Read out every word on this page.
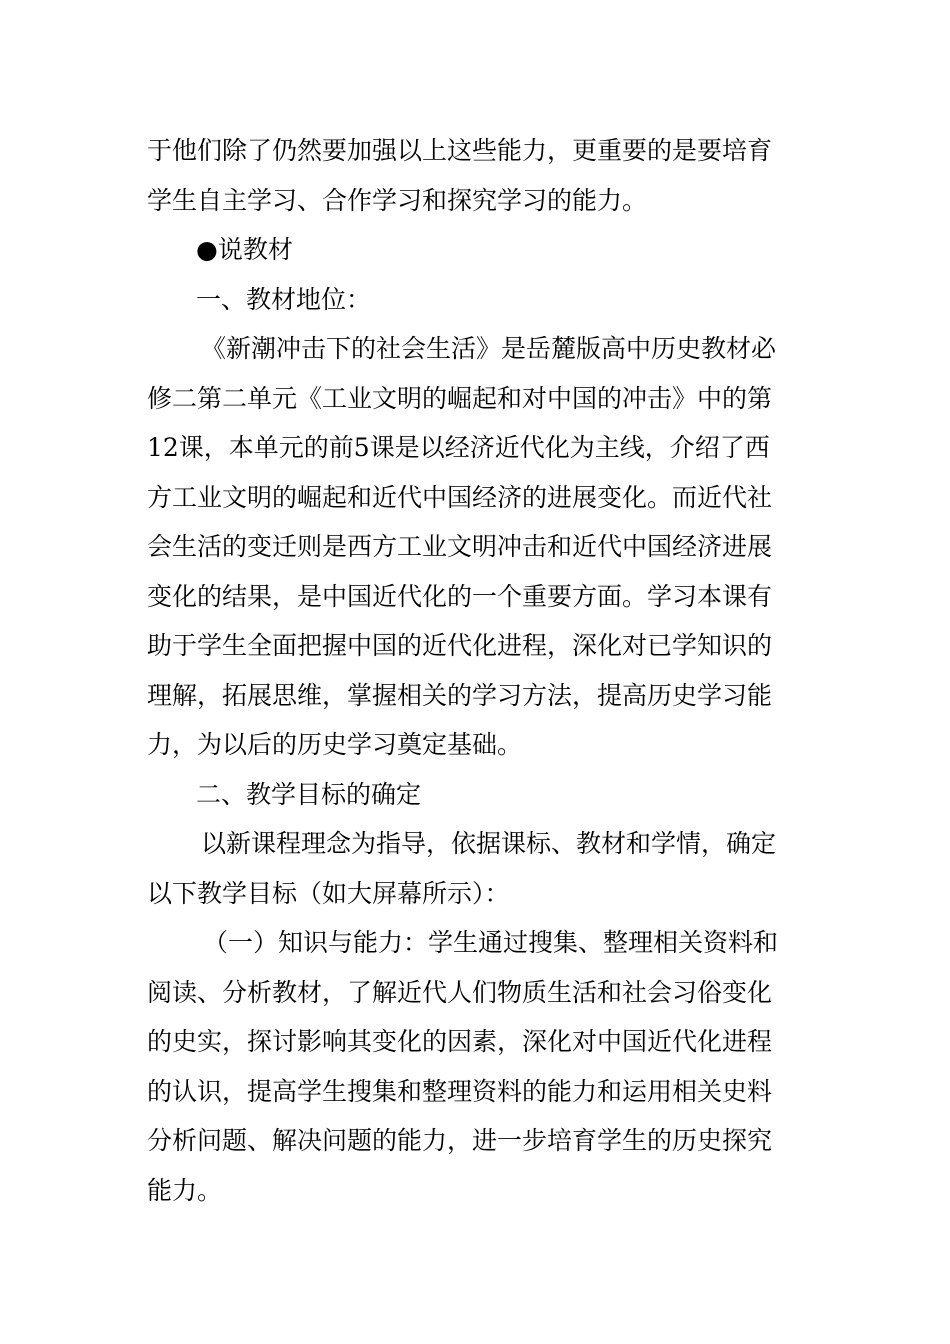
于他们除了仍然要加强以上这些能力，更重要的是要培育
学生自主学习、合作学习和探究学习的能力。
●说教材
一、教材地位：
《新潮冲击下的社会生活》是岳麓版高中历史教材必
修二第二单元《工业文明的崛起和对中国的冲击》中的第
12课，本单元的前5课是以经济近代化为主线，介绍了西
方工业文明的崛起和近代中国经济的进展变化。而近代社
会生活的变迁则是西方工业文明冲击和近代中国经济进展
变化的结果，是中国近代化的一个重要方面。学习本课有
助于学生全面把握中国的近代化进程，深化对已学知识的
理解，拓展思维，掌握相关的学习方法，提高历史学习能
力，为以后的历史学习奠定基础。
二、教学目标的确定
以新课程理念为指导，依据课标、教材和学情，确定
以下教学目标（如大屏幕所示）：
（一）知识与能力：学生通过搜集、整理相关资料和
阅读、分析教材，了解近代人们物质生活和社会习俗变化
的史实，探讨影响其变化的因素，深化对中国近代化进程
的认识，提高学生搜集和整理资料的能力和运用相关史料
分析问题、解决问题的能力，进一步培育学生的历史探究
能力。
